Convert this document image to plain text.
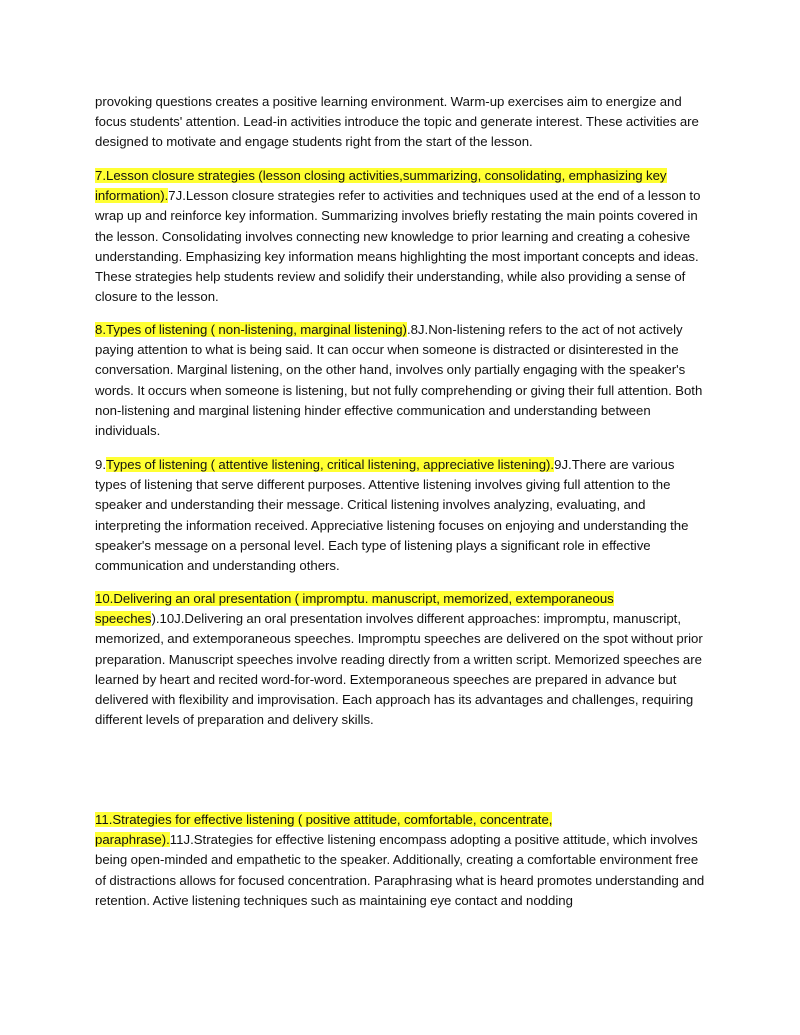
provoking questions creates a positive learning environment. Warm-up exercises aim to energize and focus students' attention. Lead-in activities introduce the topic and generate interest. These activities are designed to motivate and engage students right from the start of the lesson.

7.Lesson closure strategies (lesson closing activities,summarizing, consolidating, emphasizing key information).7J.Lesson closure strategies refer to activities and techniques used at the end of a lesson to wrap up and reinforce key information. Summarizing involves briefly restating the main points covered in the lesson. Consolidating involves connecting new knowledge to prior learning and creating a cohesive understanding. Emphasizing key information means highlighting the most important concepts and ideas. These strategies help students review and solidify their understanding, while also providing a sense of closure to the lesson.

8.Types of listening ( non-listening, marginal listening).8J.Non-listening refers to the act of not actively paying attention to what is being said. It can occur when someone is distracted or disinterested in the conversation. Marginal listening, on the other hand, involves only partially engaging with the speaker's words. It occurs when someone is listening, but not fully comprehending or giving their full attention. Both non-listening and marginal listening hinder effective communication and understanding between individuals.

9.Types of listening ( attentive listening, critical listening, appreciative listening).9J.There are various types of listening that serve different purposes. Attentive listening involves giving full attention to the speaker and understanding their message. Critical listening involves analyzing, evaluating, and interpreting the information received. Appreciative listening focuses on enjoying and understanding the speaker's message on a personal level. Each type of listening plays a significant role in effective communication and understanding others.

10.Delivering an oral presentation ( impromptu. manuscript, memorized, extemporaneous speeches).10J.Delivering an oral presentation involves different approaches: impromptu, manuscript, memorized, and extemporaneous speeches. Impromptu speeches are delivered on the spot without prior preparation. Manuscript speeches involve reading directly from a written script. Memorized speeches are learned by heart and recited word-for-word. Extemporaneous speeches are prepared in advance but delivered with flexibility and improvisation. Each approach has its advantages and challenges, requiring different levels of preparation and delivery skills.

11.Strategies for effective listening ( positive attitude, comfortable, concentrate, paraphrase).11J.Strategies for effective listening encompass adopting a positive attitude, which involves being open-minded and empathetic to the speaker. Additionally, creating a comfortable environment free of distractions allows for focused concentration. Paraphrasing what is heard promotes understanding and retention. Active listening techniques such as maintaining eye contact and nodding
